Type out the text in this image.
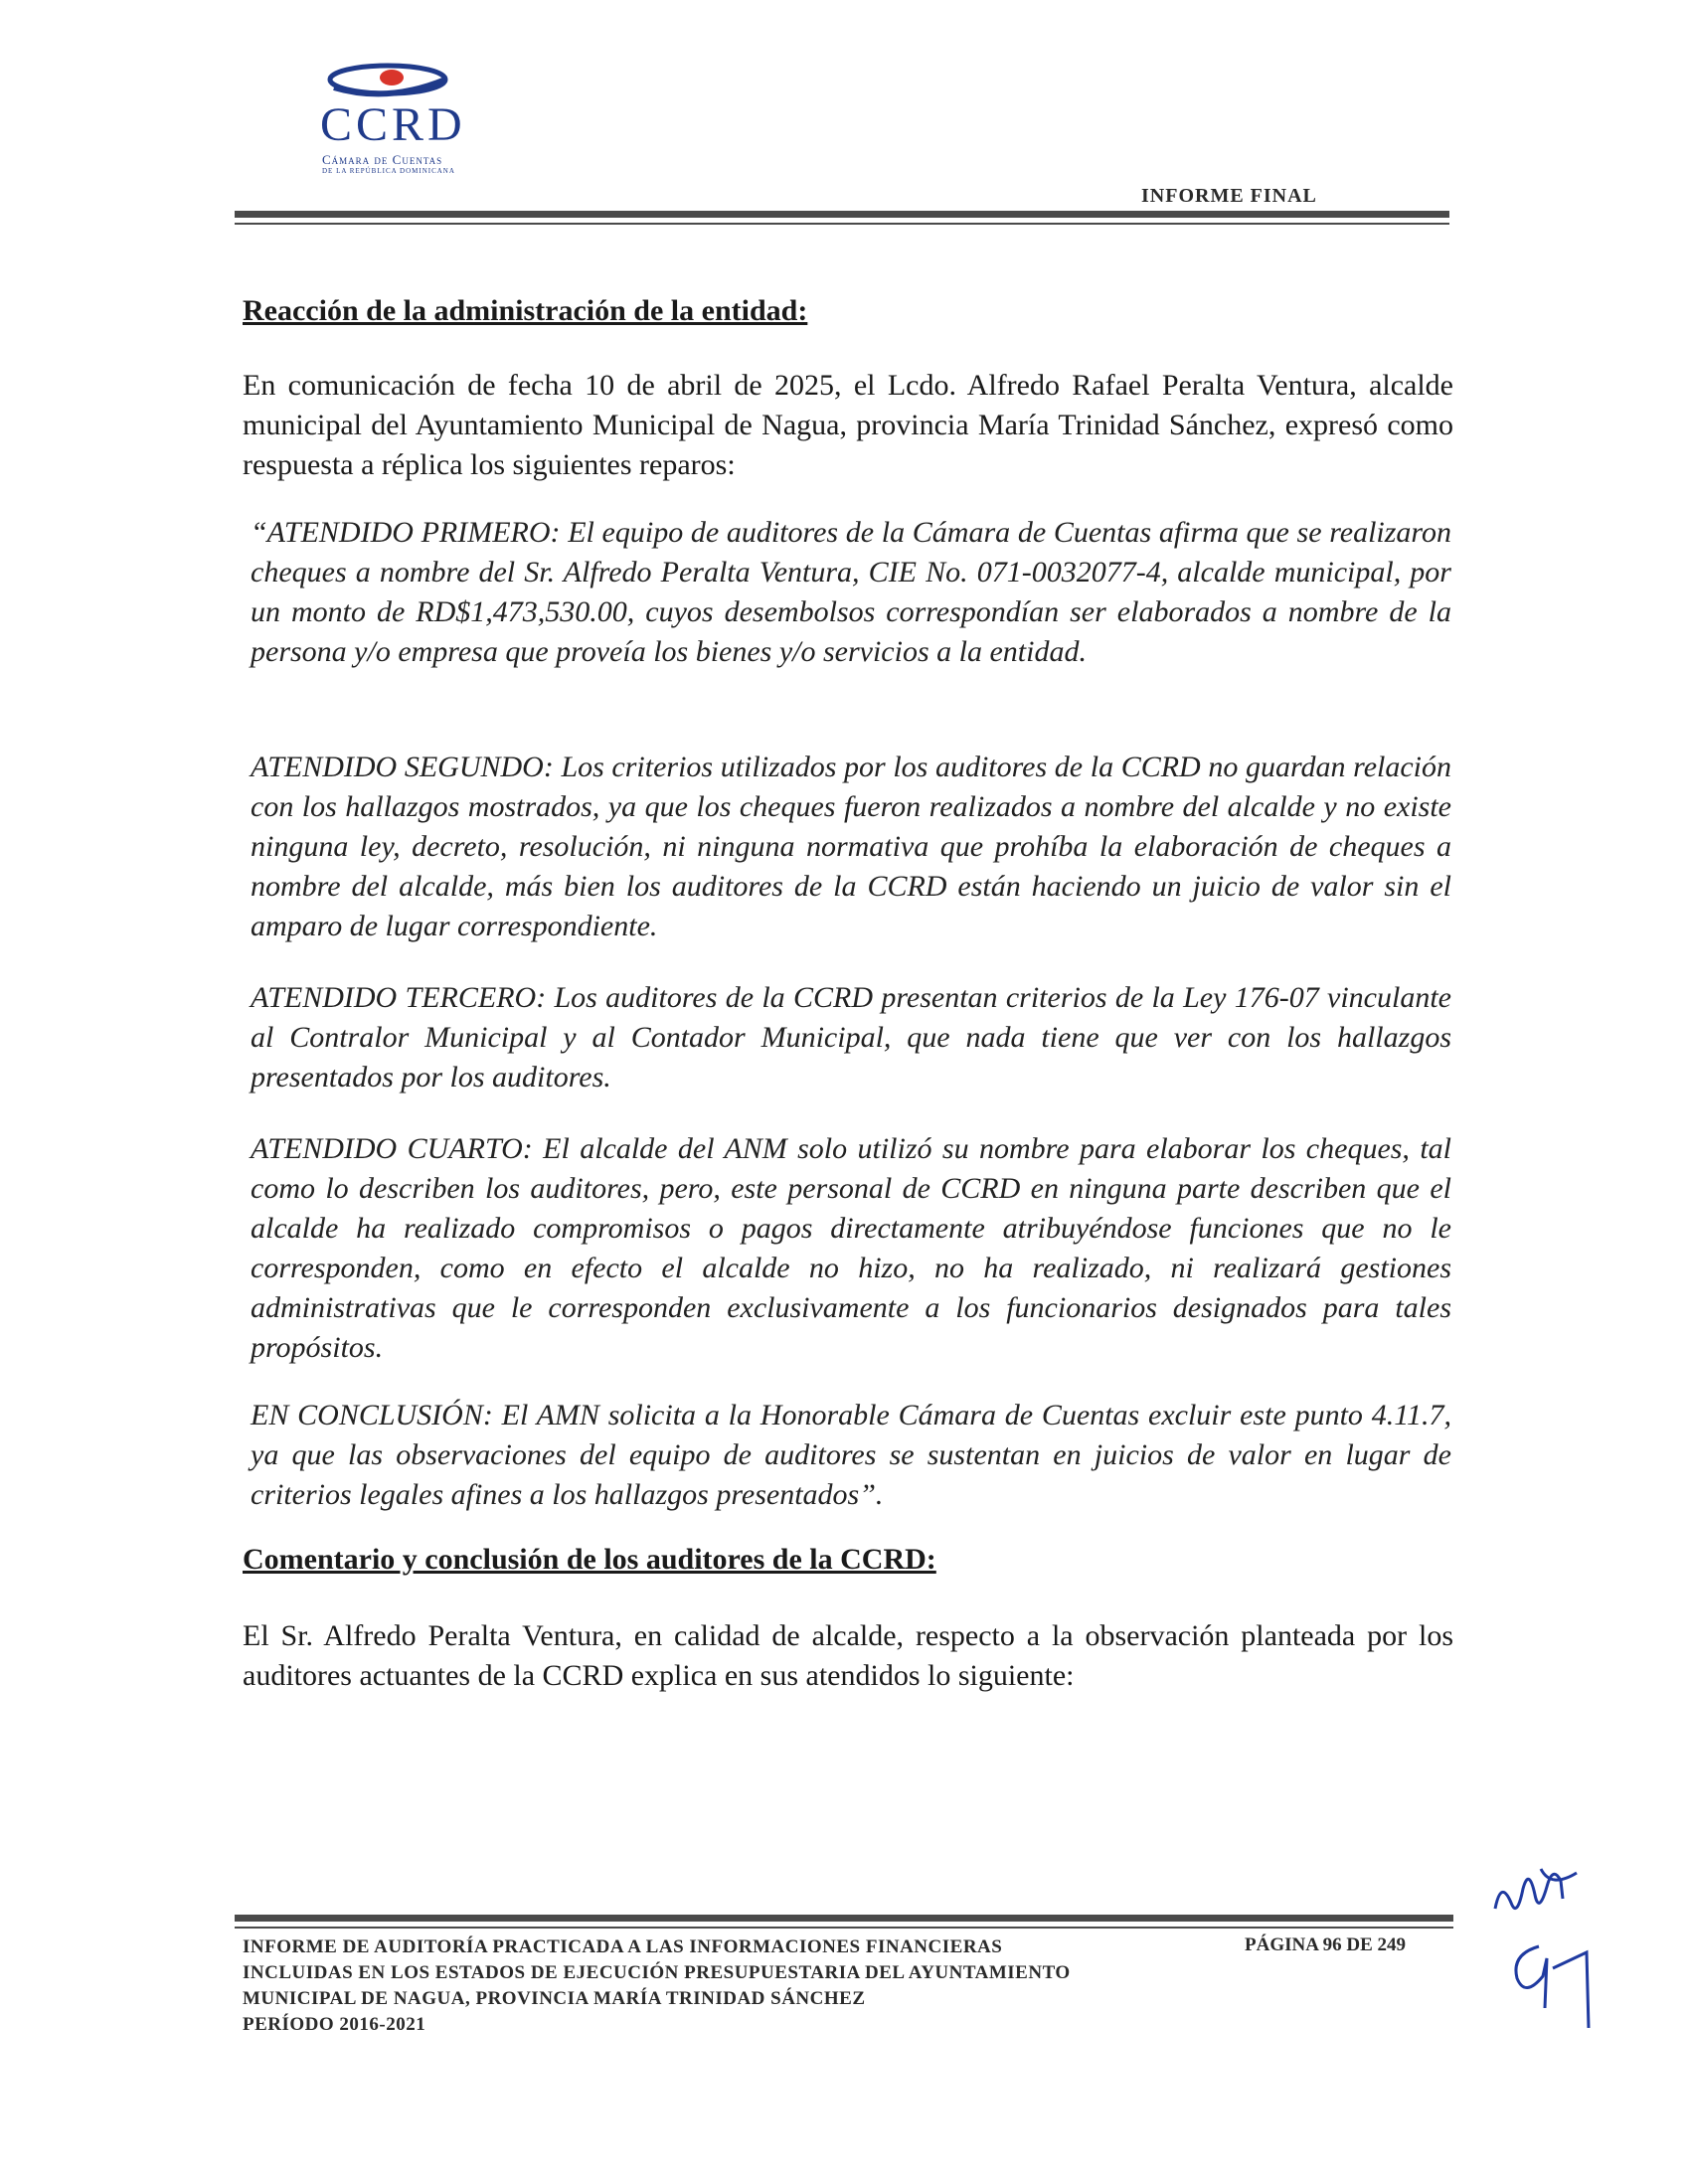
CCRD
Cámara de Cuentas
DE LA REPÚBLICA DOMINICANA
INFORME FINAL
Reacción de la administración de la entidad:

En comunicación de fecha 10 de abril de 2025, el Lcdo. Alfredo Rafael Peralta Ventura, alcalde municipal del Ayuntamiento Municipal de Nagua, provincia María Trinidad Sánchez, expresó como respuesta a réplica los siguientes reparos:

“ATENDIDO PRIMERO: El equipo de auditores de la Cámara de Cuentas afirma que se realizaron cheques a nombre del Sr. Alfredo Peralta Ventura, CIE No. 071-0032077-4, alcalde municipal, por un monto de RD$1,473,530.00, cuyos desembolsos correspondían ser elaborados a nombre de la persona y/o empresa que proveía los bienes y/o servicios a la entidad.

ATENDIDO SEGUNDO: Los criterios utilizados por los auditores de la CCRD no guardan relación con los hallazgos mostrados, ya que los cheques fueron realizados a nombre del alcalde y no existe ninguna ley, decreto, resolución, ni ninguna normativa que prohíba la elaboración de cheques a nombre del alcalde, más bien los auditores de la CCRD están haciendo un juicio de valor sin el amparo de lugar correspondiente.

ATENDIDO TERCERO: Los auditores de la CCRD presentan criterios de la Ley 176-07 vinculante al Contralor Municipal y al Contador Municipal, que nada tiene que ver con los hallazgos presentados por los auditores.

ATENDIDO CUARTO: El alcalde del ANM solo utilizó su nombre para elaborar los cheques, tal como lo describen los auditores, pero, este personal de CCRD en ninguna parte describen que el alcalde ha realizado compromisos o pagos directamente atribuyéndose funciones que no le corresponden, como en efecto el alcalde no hizo, no ha realizado, ni realizará gestiones administrativas que le corresponden exclusivamente a los funcionarios designados para tales propósitos.

EN CONCLUSIÓN: El AMN solicita a la Honorable Cámara de Cuentas excluir este punto 4.11.7, ya que las observaciones del equipo de auditores se sustentan en juicios de valor en lugar de criterios legales afines a los hallazgos presentados”.

Comentario y conclusión de los auditores de la CCRD:

El Sr. Alfredo Peralta Ventura, en calidad de alcalde, respecto a la observación planteada por los auditores actuantes de la CCRD explica en sus atendidos lo siguiente:

INFORME DE AUDITORÍA PRACTICADA A LAS INFORMACIONES FINANCIERAS
INCLUIDAS EN LOS ESTADOS DE EJECUCIÓN PRESUPUESTARIA DEL AYUNTAMIENTO
MUNICIPAL DE NAGUA, PROVINCIA MARÍA TRINIDAD SÁNCHEZ
PERÍODO 2016-2021
PÁGINA 96 DE 249
